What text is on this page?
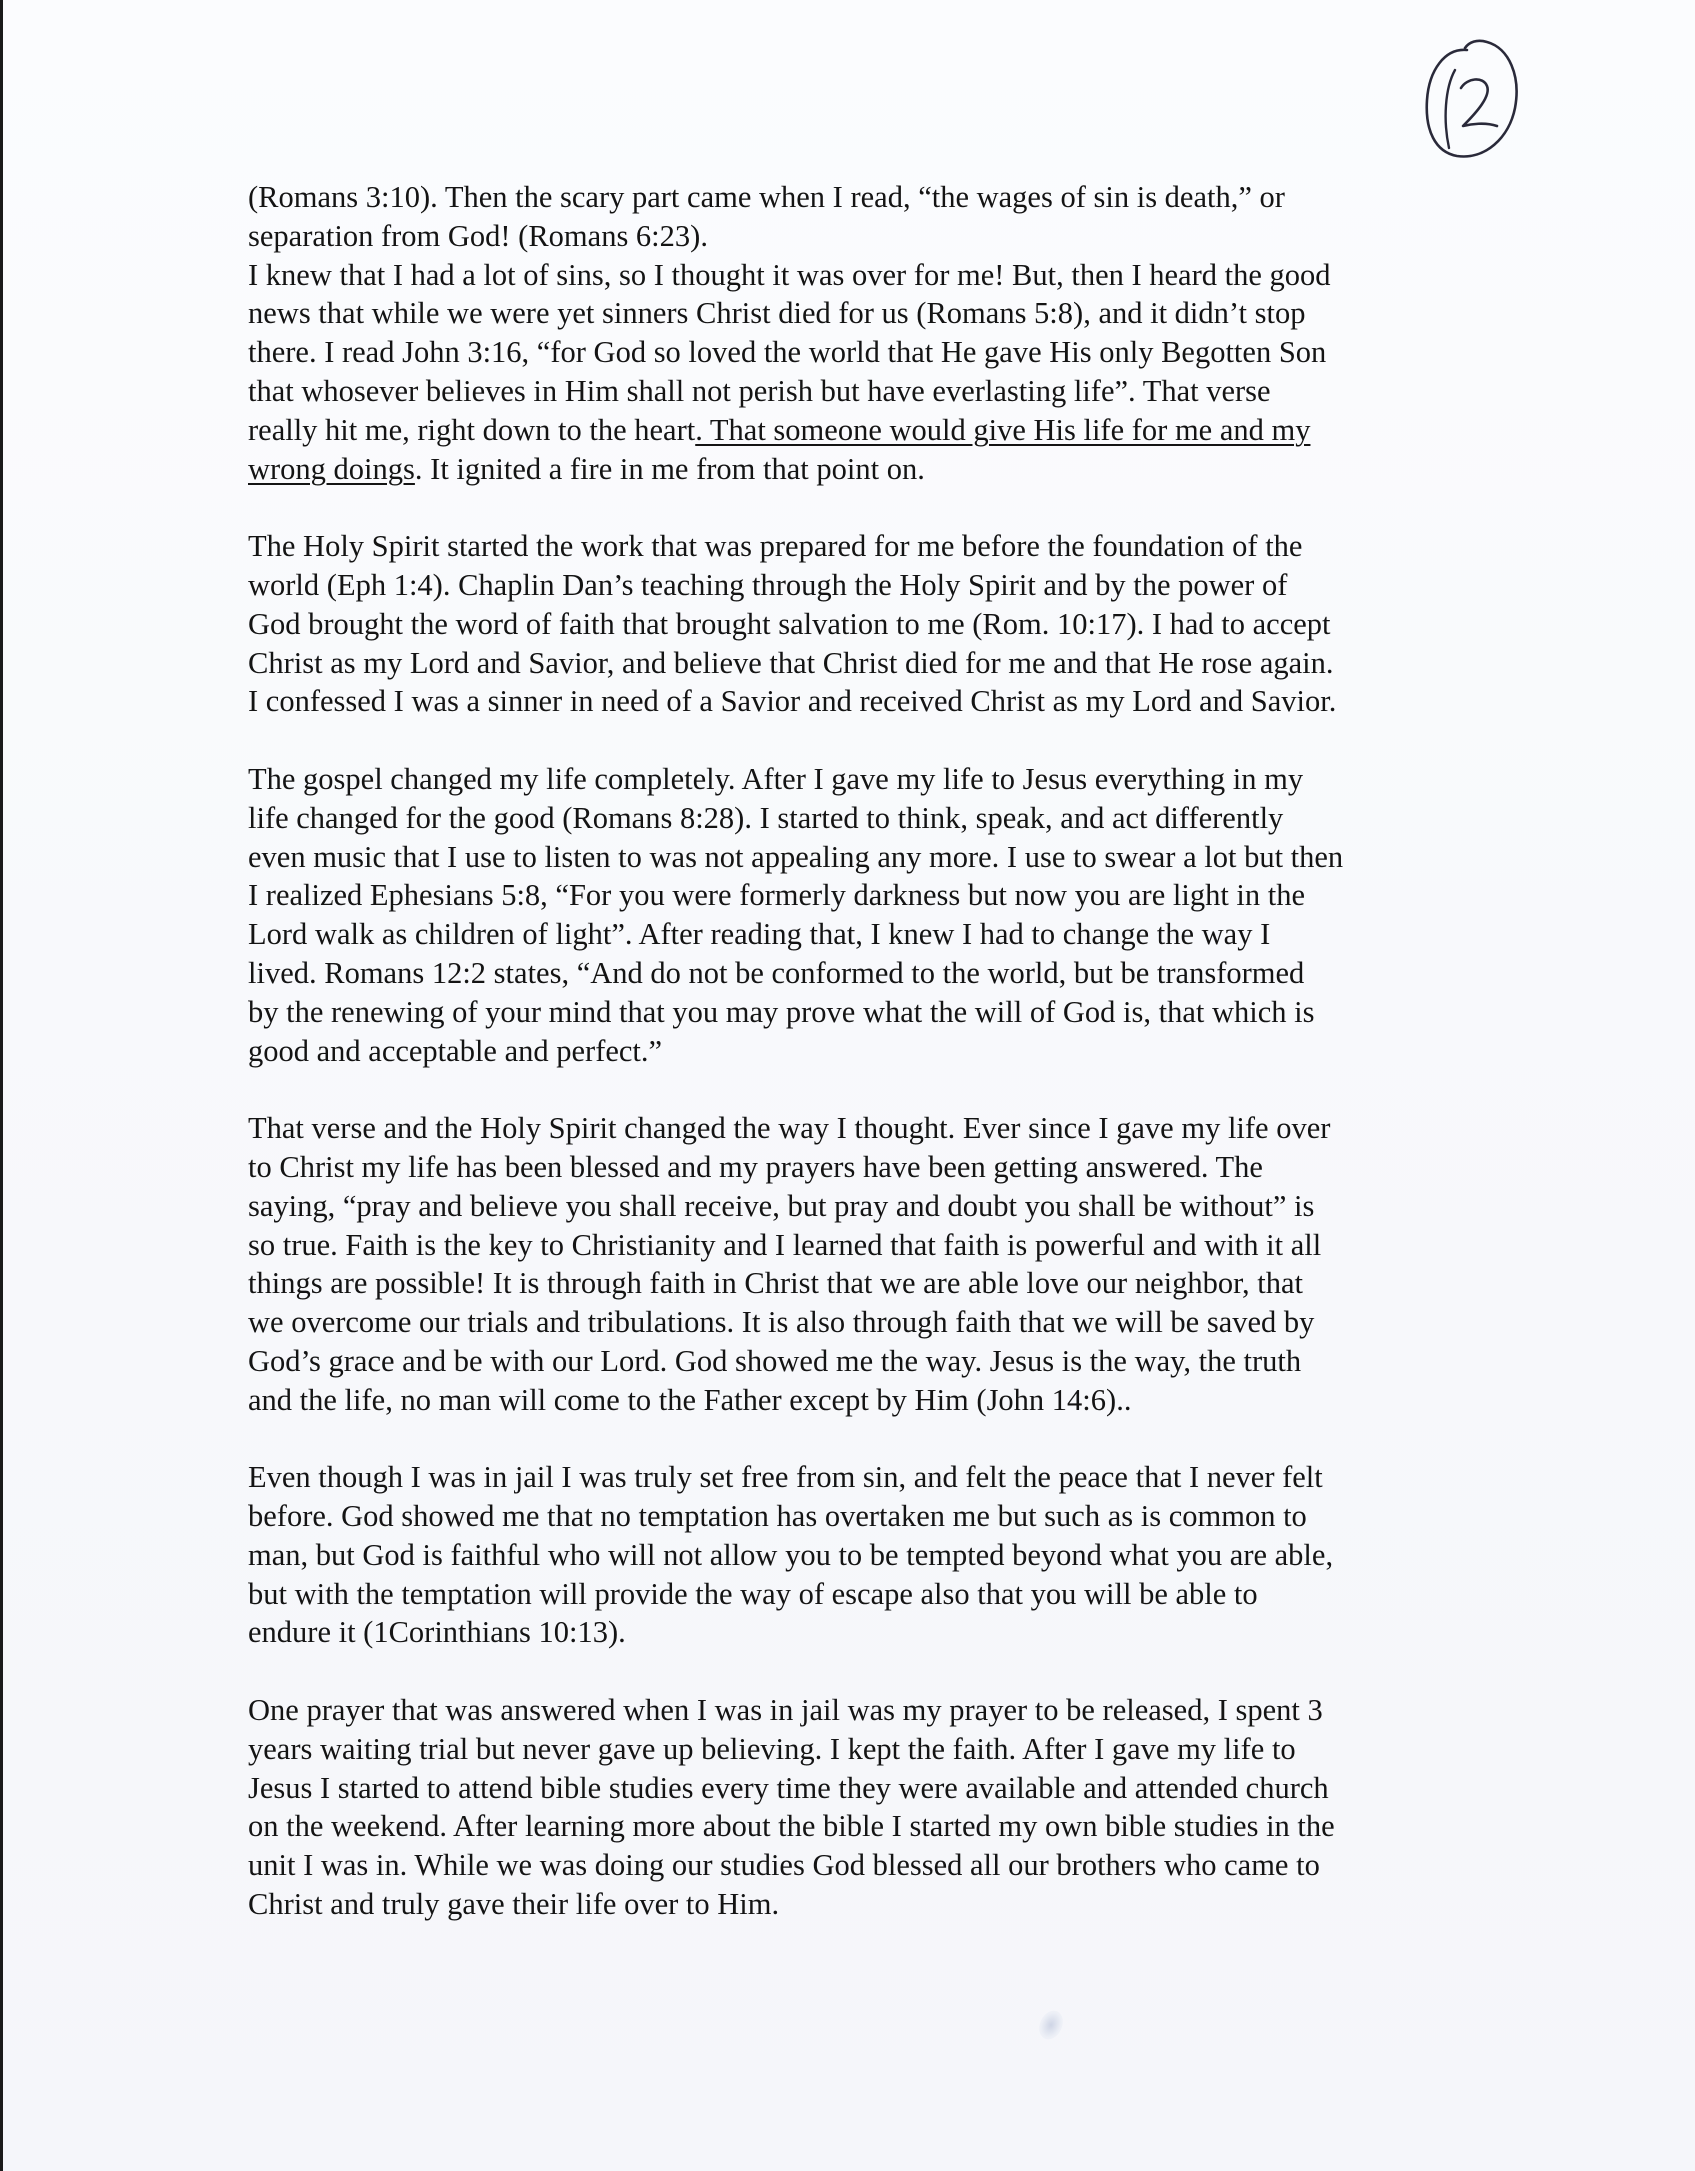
(Romans 3:10). Then the scary part came when I read, “the wages of sin is death,” or
separation from God! (Romans 6:23).
I knew that I had a lot of sins, so I thought it was over for me! But, then I heard the good
news that while we were yet sinners Christ died for us (Romans 5:8), and it didn’t stop
there. I read John 3:16, “for God so loved the world that He gave His only Begotten Son
that whosever believes in Him shall not perish but have everlasting life”. That verse
really hit me, right down to the heart. That someone would give His life for me and my
wrong doings. It ignited a fire in me from that point on.
The Holy Spirit started the work that was prepared for me before the foundation of the
world (Eph 1:4). Chaplin Dan’s teaching through the Holy Spirit and by the power of
God brought the word of faith that brought salvation to me (Rom. 10:17). I had to accept
Christ as my Lord and Savior, and believe that Christ died for me and that He rose again.
I confessed I was a sinner in need of a Savior and received Christ as my Lord and Savior.
The gospel changed my life completely. After I gave my life to Jesus everything in my
life changed for the good (Romans 8:28). I started to think, speak, and act differently
even music that I use to listen to was not appealing any more. I use to swear a lot but then
I realized Ephesians 5:8, “For you were formerly darkness but now you are light in the
Lord walk as children of light”. After reading that, I knew I had to change the way I
lived. Romans 12:2 states, “And do not be conformed to the world, but be transformed
by the renewing of your mind that you may prove what the will of God is, that which is
good and acceptable and perfect.”
That verse and the Holy Spirit changed the way I thought. Ever since I gave my life over
to Christ my life has been blessed and my prayers have been getting answered. The
saying, “pray and believe you shall receive, but pray and doubt you shall be without” is
so true. Faith is the key to Christianity and I learned that faith is powerful and with it all
things are possible! It is through faith in Christ that we are able love our neighbor, that
we overcome our trials and tribulations. It is also through faith that we will be saved by
God’s grace and be with our Lord. God showed me the way. Jesus is the way, the truth
and the life, no man will come to the Father except by Him (John 14:6)..
Even though I was in jail I was truly set free from sin, and felt the peace that I never felt
before. God showed me that no temptation has overtaken me but such as is common to
man, but God is faithful who will not allow you to be tempted beyond what you are able,
but with the temptation will provide the way of escape also that you will be able to
endure it (1Corinthians 10:13).
One prayer that was answered when I was in jail was my prayer to be released, I spent 3
years waiting trial but never gave up believing. I kept the faith. After I gave my life to
Jesus I started to attend bible studies every time they were available and attended church
on the weekend. After learning more about the bible I started my own bible studies in the
unit I was in. While we was doing our studies God blessed all our brothers who came to
Christ and truly gave their life over to Him.
